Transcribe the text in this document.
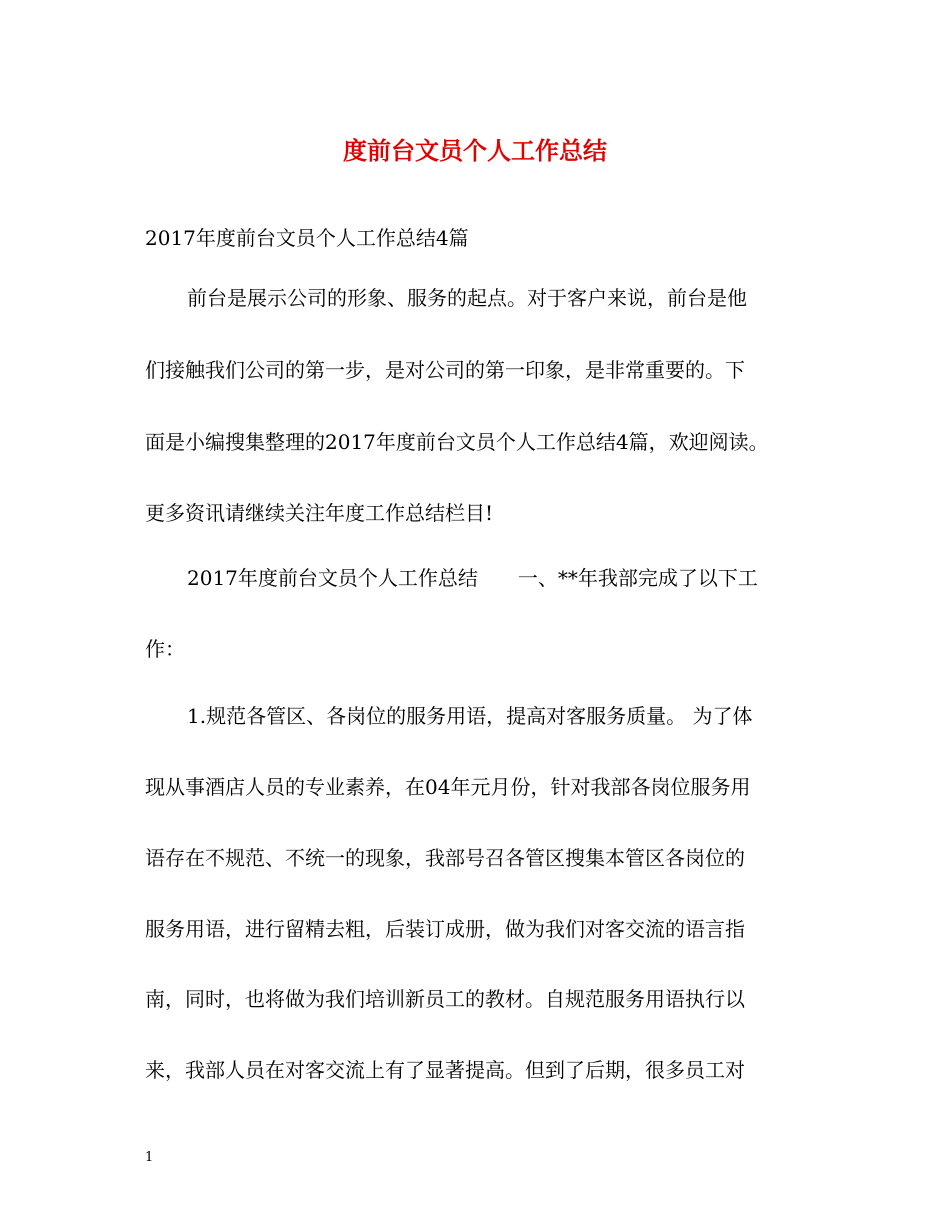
度前台文员个人工作总结
2017年度前台文员个人工作总结4篇
前台是展示公司的形象、服务的起点。对于客户来说，前台是他
们接触我们公司的第一步，是对公司的第一印象，是非常重要的。下
面是小编搜集整理的2017年度前台文员个人工作总结4篇，欢迎阅读。
更多资讯请继续关注年度工作总结栏目!
2017年度前台文员个人工作总结　　一、**年我部完成了以下工
作：
1.规范各管区、各岗位的服务用语，提高对客服务质量。 为了体
现从事酒店人员的专业素养，在04年元月份，针对我部各岗位服务用
语存在不规范、不统一的现象，我部号召各管区搜集本管区各岗位的
服务用语，进行留精去粗，后装订成册，做为我们对客交流的语言指
南，同时，也将做为我们培训新员工的教材。自规范服务用语执行以
来，我部人员在对客交流上有了显著提高。但到了后期，很多员工对
1
